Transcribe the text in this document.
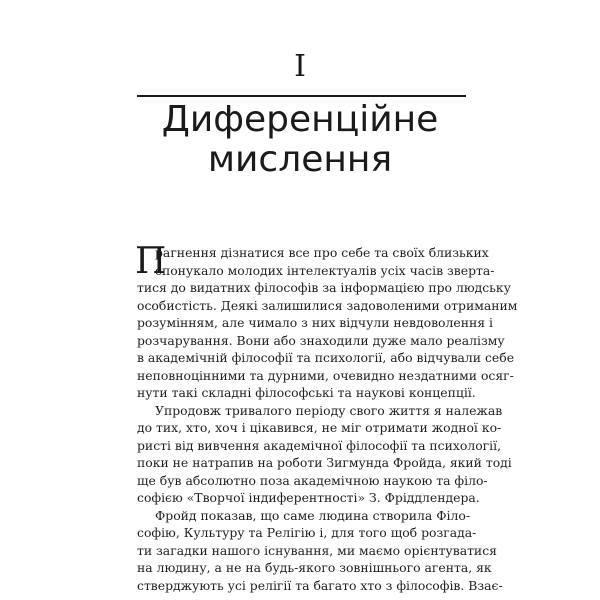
I
Диференційне
мислення
П
рагнення дізнатися все про себе та своїх близьких
спонукало молодих інтелектуалів усіх часів зверта-
тися до видатних філософів за інформацією про людську
особистість. Деякі залишилися задоволеними отриманим
розумінням, але чимало з них відчули невдоволення і
розчарування. Вони або знаходили дуже мало реалізму
в академічній філософії та психології, або відчували себе
неповноцінними та дурними, очевидно нездатними осяг-
нути такі складні філософські та наукові концепції.
Упродовж тривалого періоду свого життя я належав
до тих, хто, хоч і цікавився, не міг отримати жодної ко-
ристі від вивчення академічної філософії та психології,
поки не натрапив на роботи Зигмунда Фройда, який тоді
ще був абсолютно поза академічною наукою та філо-
софією «Творчої індиферентності» З. Фріддлендера.
Фройд показав, що саме людина створила Філо-
софію, Культуру та Релігію і, для того щоб розгада-
ти загадки нашого існування, ми маємо орієнтуватися
на людину, а не на будь-якого зовнішнього агента, як
стверджують усі релігії та багато хто з філософів. Взає-
